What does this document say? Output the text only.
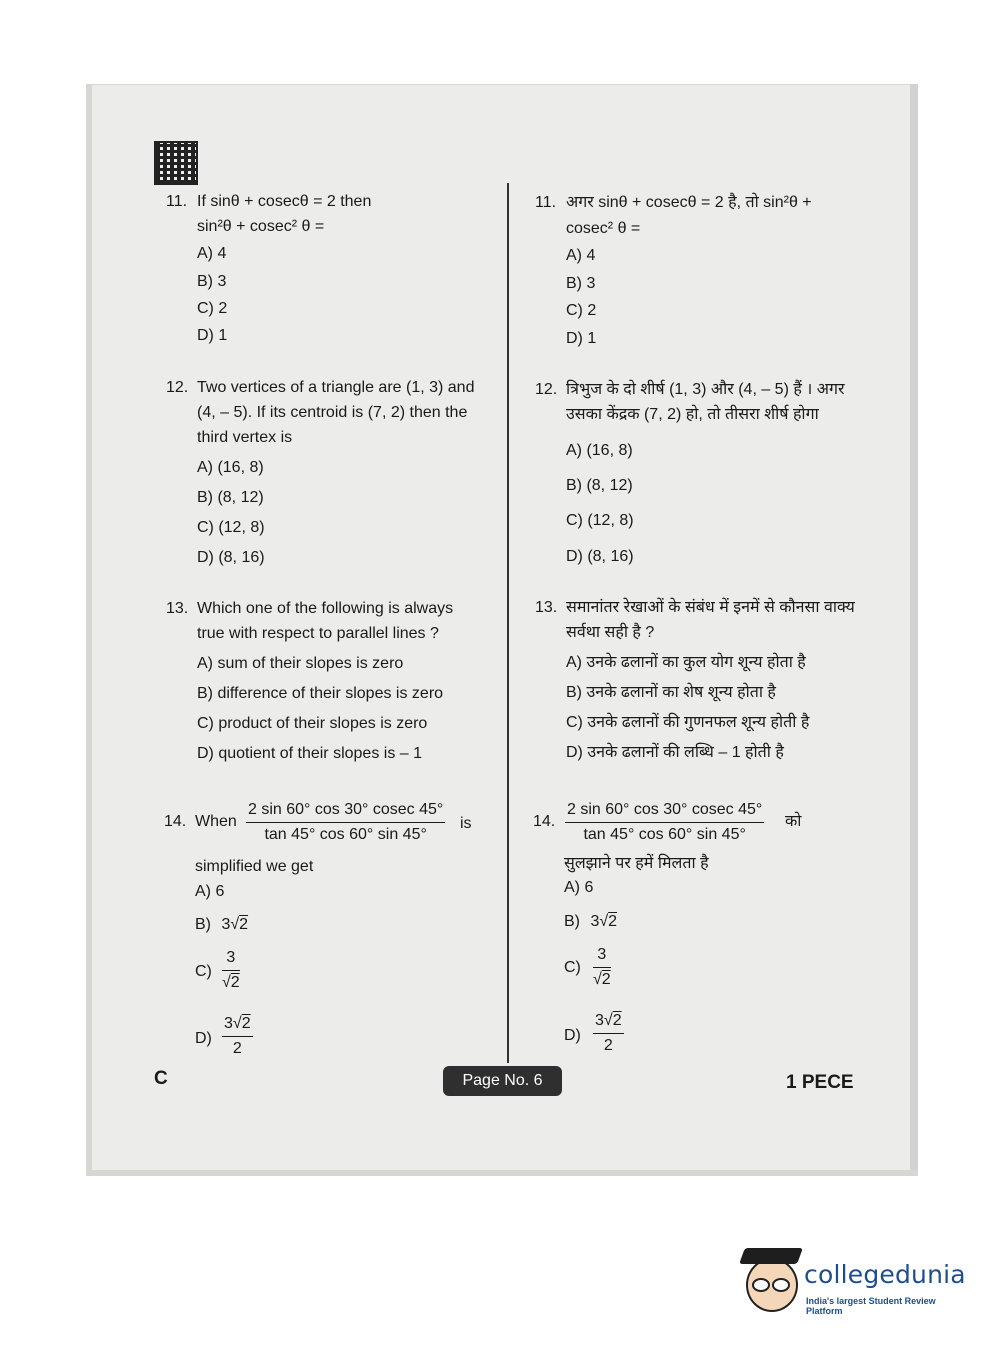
11. If sinθ + cosecθ = 2 then
sin²θ + cosec² θ =
A) 4
B) 3
C) 2
D) 1
12. Two vertices of a triangle are (1, 3) and
(4, – 5). If its centroid is (7, 2) then the
third vertex is
A) (16, 8)
B) (8, 12)
C) (12, 8)
D) (8, 16)
13. Which one of the following is always
true with respect to parallel lines ?
A) sum of their slopes is zero
B) difference of their slopes is zero
C) product of their slopes is zero
D) quotient of their slopes is – 1
14. When $\frac{2 \sin 60^\circ \cos 30^\circ cosec 45^\circ}{\tan 45^\circ \cos 60^\circ \sin 45^\circ}$ is
simplified we get
A) 6
B) 3√2
$C) \frac{3}{√2}$
$D) \frac{3√2}{2}$
11. अगर sinθ + cosecθ = 2 है, तो sin²θ +
cosec² θ =
A) 4
B) 3
C) 2
D) 1
12. त्रिभुज के दो शीर्ष (1, 3) और (4, – 5) हैं । अगर
उसका केंद्रक (7, 2) हो, तो तीसरा शीर्ष होगा
A) (16, 8)
B) (8, 12)
C) (12, 8)
D) (8, 16)
13. समानांतर रेखाओं के संबंध में इनमें से कौनसा वाक्य
सर्वथा सही है ?
A) उनके ढलानों का कुल योग शून्य होता है
B) उनके ढलानों का शेष शून्य होता है
C) उनके ढलानों की गुणनफल शून्य होती है
D) उनके ढलानों की लब्धि – 1 होती है
14. $\frac{2 \sin 60^\circ \cos 30^\circ cosec 45^\circ}{\tan 45^\circ \cos 60^\circ \sin 45^\circ}$ को
सुलझाने पर हमें मिलता है
A) 6
B) 3√2
$C) \frac{3}{√2}$
$D) \frac{3√2}{2}$
C	Page No. 6	1 PECE
collegedunia
India's largest Student Review Platform
